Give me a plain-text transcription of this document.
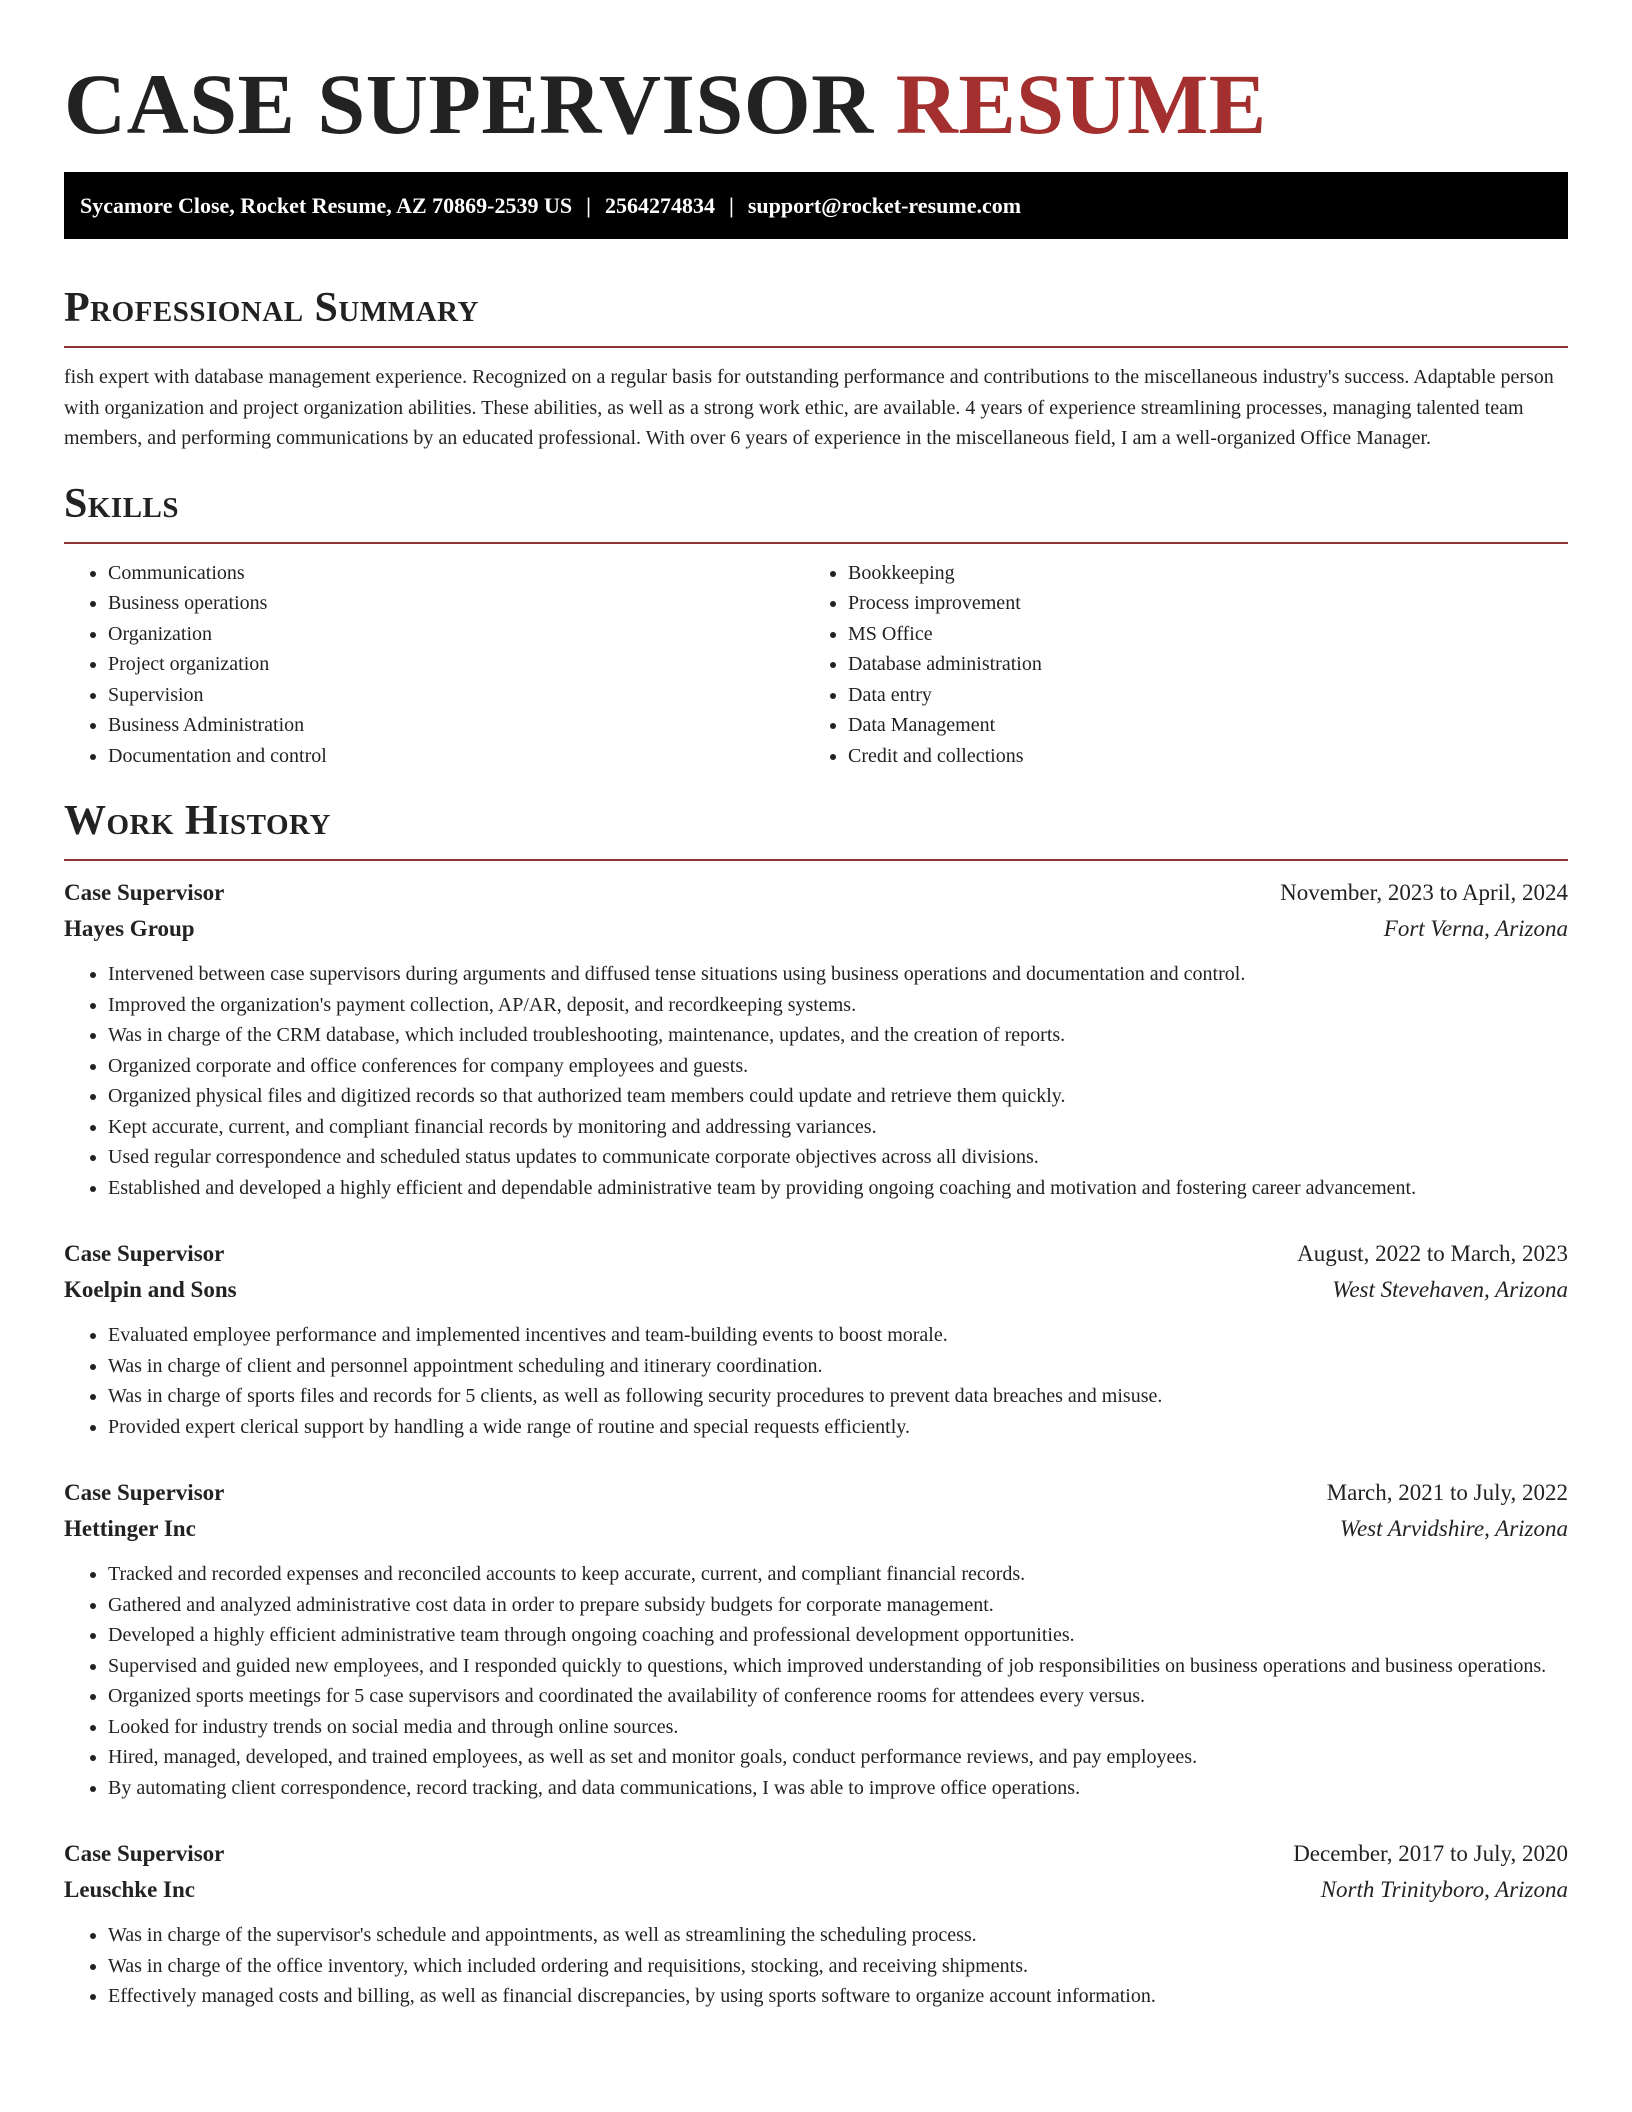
CASE SUPERVISOR RESUME
Sycamore Close, Rocket Resume, AZ 70869-2539 US | 2564274834 | support@rocket-resume.com
Professional Summary

fish expert with database management experience. Recognized on a regular basis for outstanding performance and contributions to the miscellaneous industry's success. Adaptable person with organization and project organization abilities. These abilities, as well as a strong work ethic, are available. 4 years of experience streamlining processes, managing talented team members, and performing communications by an educated professional. With over 6 years of experience in the miscellaneous field, I am a well-organized Office Manager.

Skills
• Communications
• Business operations
• Organization
• Project organization
• Supervision
• Business Administration
• Documentation and control
• Bookkeeping
• Process improvement
• MS Office
• Database administration
• Data entry
• Data Management
• Credit and collections
Work History
Case Supervisor	November, 2023 to April, 2024
Hayes Group	Fort Verna, Arizona
• Intervened between case supervisors during arguments and diffused tense situations using business operations and documentation and control.
• Improved the organization's payment collection, AP/AR, deposit, and recordkeeping systems.
• Was in charge of the CRM database, which included troubleshooting, maintenance, updates, and the creation of reports.
• Organized corporate and office conferences for company employees and guests.
• Organized physical files and digitized records so that authorized team members could update and retrieve them quickly.
• Kept accurate, current, and compliant financial records by monitoring and addressing variances.
• Used regular correspondence and scheduled status updates to communicate corporate objectives across all divisions.
• Established and developed a highly efficient and dependable administrative team by providing ongoing coaching and motivation and fostering career advancement.
Case Supervisor	August, 2022 to March, 2023
Koelpin and Sons	West Stevehaven, Arizona
• Evaluated employee performance and implemented incentives and team-building events to boost morale.
• Was in charge of client and personnel appointment scheduling and itinerary coordination.
• Was in charge of sports files and records for 5 clients, as well as following security procedures to prevent data breaches and misuse.
• Provided expert clerical support by handling a wide range of routine and special requests efficiently.
Case Supervisor	March, 2021 to July, 2022
Hettinger Inc	West Arvidshire, Arizona
• Tracked and recorded expenses and reconciled accounts to keep accurate, current, and compliant financial records.
• Gathered and analyzed administrative cost data in order to prepare subsidy budgets for corporate management.
• Developed a highly efficient administrative team through ongoing coaching and professional development opportunities.
• Supervised and guided new employees, and I responded quickly to questions, which improved understanding of job responsibilities on business operations and business operations.
• Organized sports meetings for 5 case supervisors and coordinated the availability of conference rooms for attendees every versus.
• Looked for industry trends on social media and through online sources.
• Hired, managed, developed, and trained employees, as well as set and monitor goals, conduct performance reviews, and pay employees.
• By automating client correspondence, record tracking, and data communications, I was able to improve office operations.
Case Supervisor	December, 2017 to July, 2020
Leuschke Inc	North Trinityboro, Arizona
• Was in charge of the supervisor's schedule and appointments, as well as streamlining the scheduling process.
• Was in charge of the office inventory, which included ordering and requisitions, stocking, and receiving shipments.
• Effectively managed costs and billing, as well as financial discrepancies, by using sports software to organize account information.
